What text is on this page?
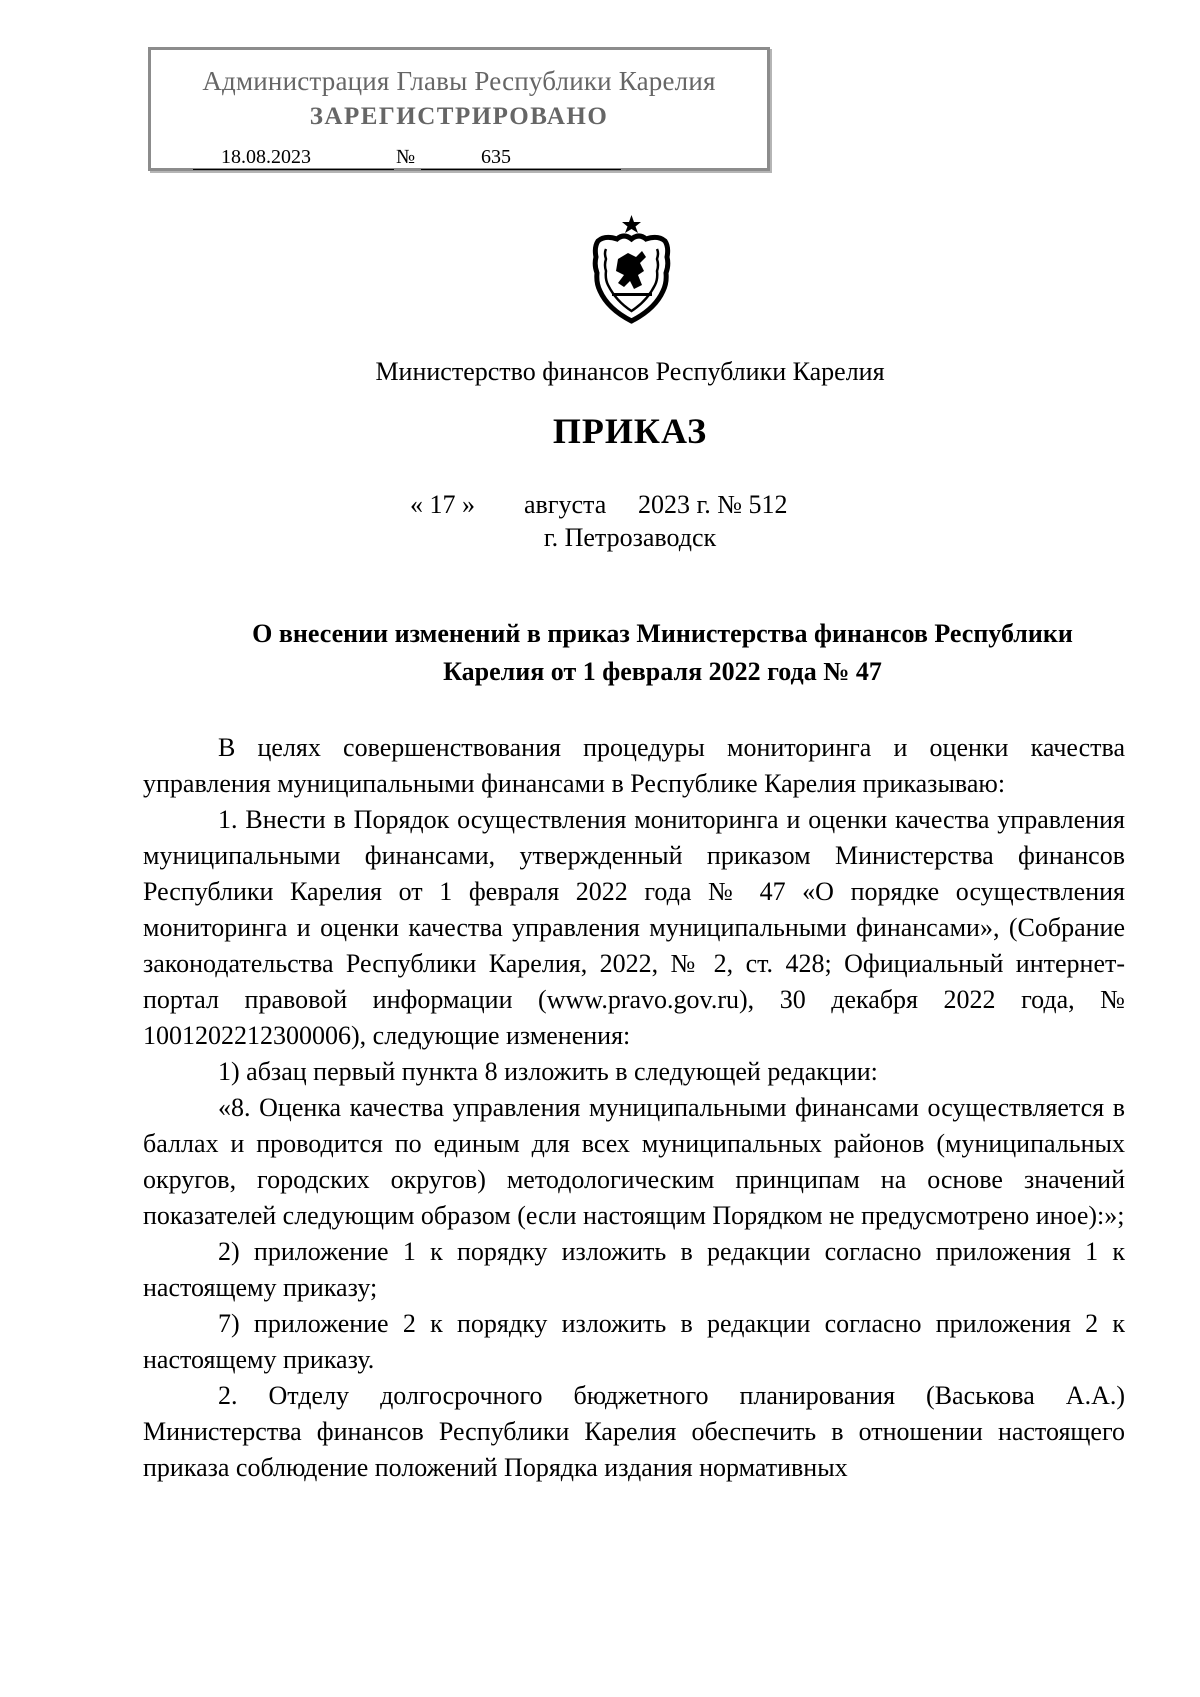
Администрация Главы Республики Карелия
ЗАРЕГИСТРИРОВАНО
18.08.2023	№	635
Министерство финансов Республики Карелия
ПРИКАЗ
« 17 » августа 2023 г. № 512
г. Петрозаводск
О внесении изменений в приказ Министерства финансов Республики
Карелия от 1 февраля 2022 года № 47

В целях совершенствования процедуры мониторинга и оценки качества управления муниципальными финансами в Республике Карелия приказываю:

1. Внести в Порядок осуществления мониторинга и оценки качества управления муниципальными финансами, утвержденный приказом Министерства финансов Республики Карелия от 1 февраля 2022 года № 47 «О порядке осуществления мониторинга и оценки качества управления муниципальными финансами», (Собрание законодательства Республики Карелия, 2022, № 2, ст. 428; Официальный интернет-портал правовой информации (www.pravo.gov.ru), 30 декабря 2022 года, № 1001202212300006), следующие изменения:

1) абзац первый пункта 8 изложить в следующей редакции:

«8. Оценка качества управления муниципальными финансами осуществляется в баллах и проводится по единым для всех муниципальных районов (муниципальных округов, городских округов) методологическим принципам на основе значений показателей следующим образом (если настоящим Порядком не предусмотрено иное):»;

2) приложение 1 к порядку изложить в редакции согласно приложения 1 к настоящему приказу;

7) приложение 2 к порядку изложить в редакции согласно приложения 2 к настоящему приказу.

2. Отделу долгосрочного бюджетного планирования (Васькова А.А.) Министерства финансов Республики Карелия обеспечить в отношении настоящего приказа соблюдение положений Порядка издания нормативных
